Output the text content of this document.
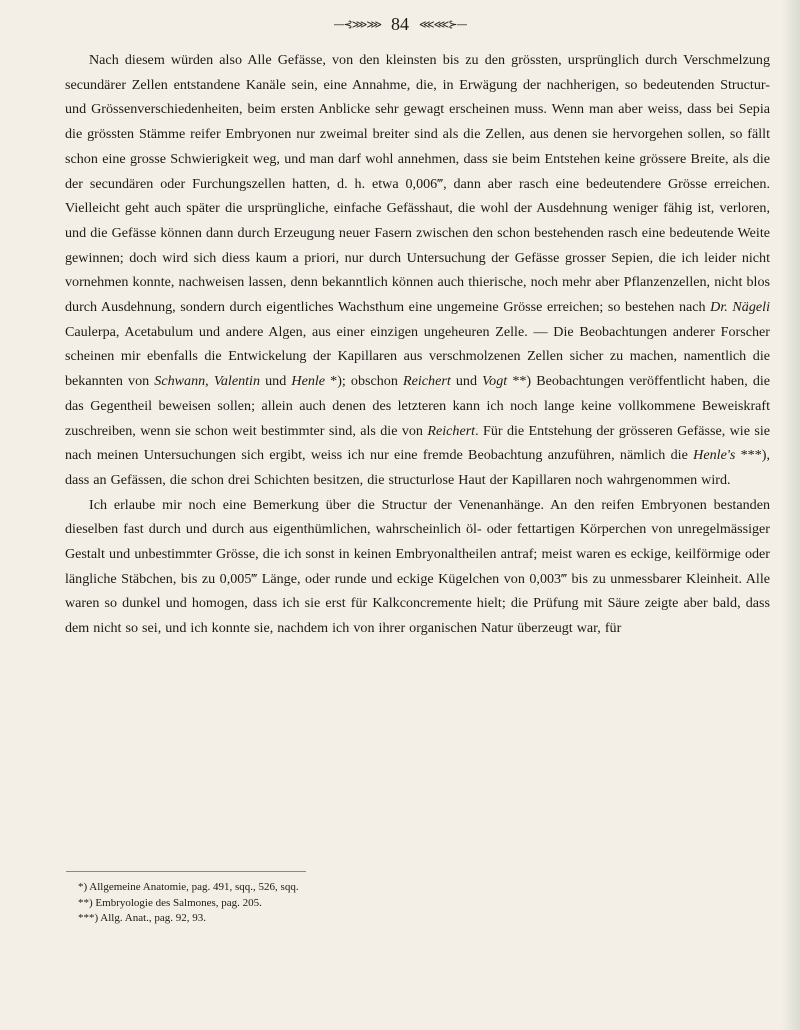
—⊰⋙⋙ 84 ⋘⋘⊱—

Nach diesem würden also Alle Gefässe, von den kleinsten bis zu den grössten, ursprünglich durch Verschmelzung secundärer Zellen entstandene Kanäle sein, eine Annahme, die, in Erwägung der nachherigen, so bedeutenden Structur- und Grössenverschiedenheiten, beim ersten Anblicke sehr gewagt erscheinen muss. Wenn man aber weiss, dass bei Sepia die grössten Stämme reifer Embryonen nur zweimal breiter sind als die Zellen, aus denen sie hervorgehen sollen, so fällt schon eine grosse Schwierigkeit weg, und man darf wohl annehmen, dass sie beim Entstehen keine grössere Breite, als die der secundären oder Furchungszellen hatten, d. h. etwa 0,006‴, dann aber rasch eine bedeutendere Grösse erreichen. Vielleicht geht auch später die ursprüngliche, einfache Gefässhaut, die wohl der Ausdehnung weniger fähig ist, verloren, und die Gefässe können dann durch Erzeugung neuer Fasern zwischen den schon bestehenden rasch eine bedeutende Weite gewinnen; doch wird sich diess kaum a priori, nur durch Untersuchung der Gefässe grosser Sepien, die ich leider nicht vornehmen konnte, nachweisen lassen, denn bekanntlich können auch thierische, noch mehr aber Pflanzenzellen, nicht blos durch Ausdehnung, sondern durch eigentliches Wachsthum eine ungemeine Grösse erreichen; so bestehen nach Dr. Nägeli Caulerpa, Acetabulum und andere Algen, aus einer einzigen ungeheuren Zelle. — Die Beobachtungen anderer Forscher scheinen mir ebenfalls die Entwickelung der Kapillaren aus verschmolzenen Zellen sicher zu machen, namentlich die bekannten von Schwann, Valentin und Henle *); obschon Reichert und Vogt **) Beobachtungen veröffentlicht haben, die das Gegentheil beweisen sollen; allein auch denen des letzteren kann ich noch lange keine vollkommene Beweiskraft zuschreiben, wenn sie schon weit bestimmter sind, als die von Reichert. Für die Entstehung der grösseren Gefässe, wie sie nach meinen Untersuchungen sich ergibt, weiss ich nur eine fremde Beobachtung anzuführen, nämlich die Henle's ***), dass an Gefässen, die schon drei Schichten besitzen, die structurlose Haut der Kapillaren noch wahrgenommen wird.

Ich erlaube mir noch eine Bemerkung über die Structur der Venenanhänge. An den reifen Embryonen bestanden dieselben fast durch und durch aus eigenthümlichen, wahrscheinlich öl- oder fettartigen Körperchen von unregelmässiger Gestalt und unbestimmter Grösse, die ich sonst in keinen Embryonaltheilen antraf; meist waren es eckige, keilförmige oder längliche Stäbchen, bis zu 0,005‴ Länge, oder runde und eckige Kügelchen von 0,003‴ bis zu unmessbarer Kleinheit. Alle waren so dunkel und homogen, dass ich sie erst für Kalkconcremente hielt; die Prüfung mit Säure zeigte aber bald, dass dem nicht so sei, und ich konnte sie, nachdem ich von ihrer organischen Natur überzeugt war, für

*) Allgemeine Anatomie, pag. 491, sqq., 526, sqq.
**) Embryologie des Salmones, pag. 205.
***) Allg. Anat., pag. 92, 93.
